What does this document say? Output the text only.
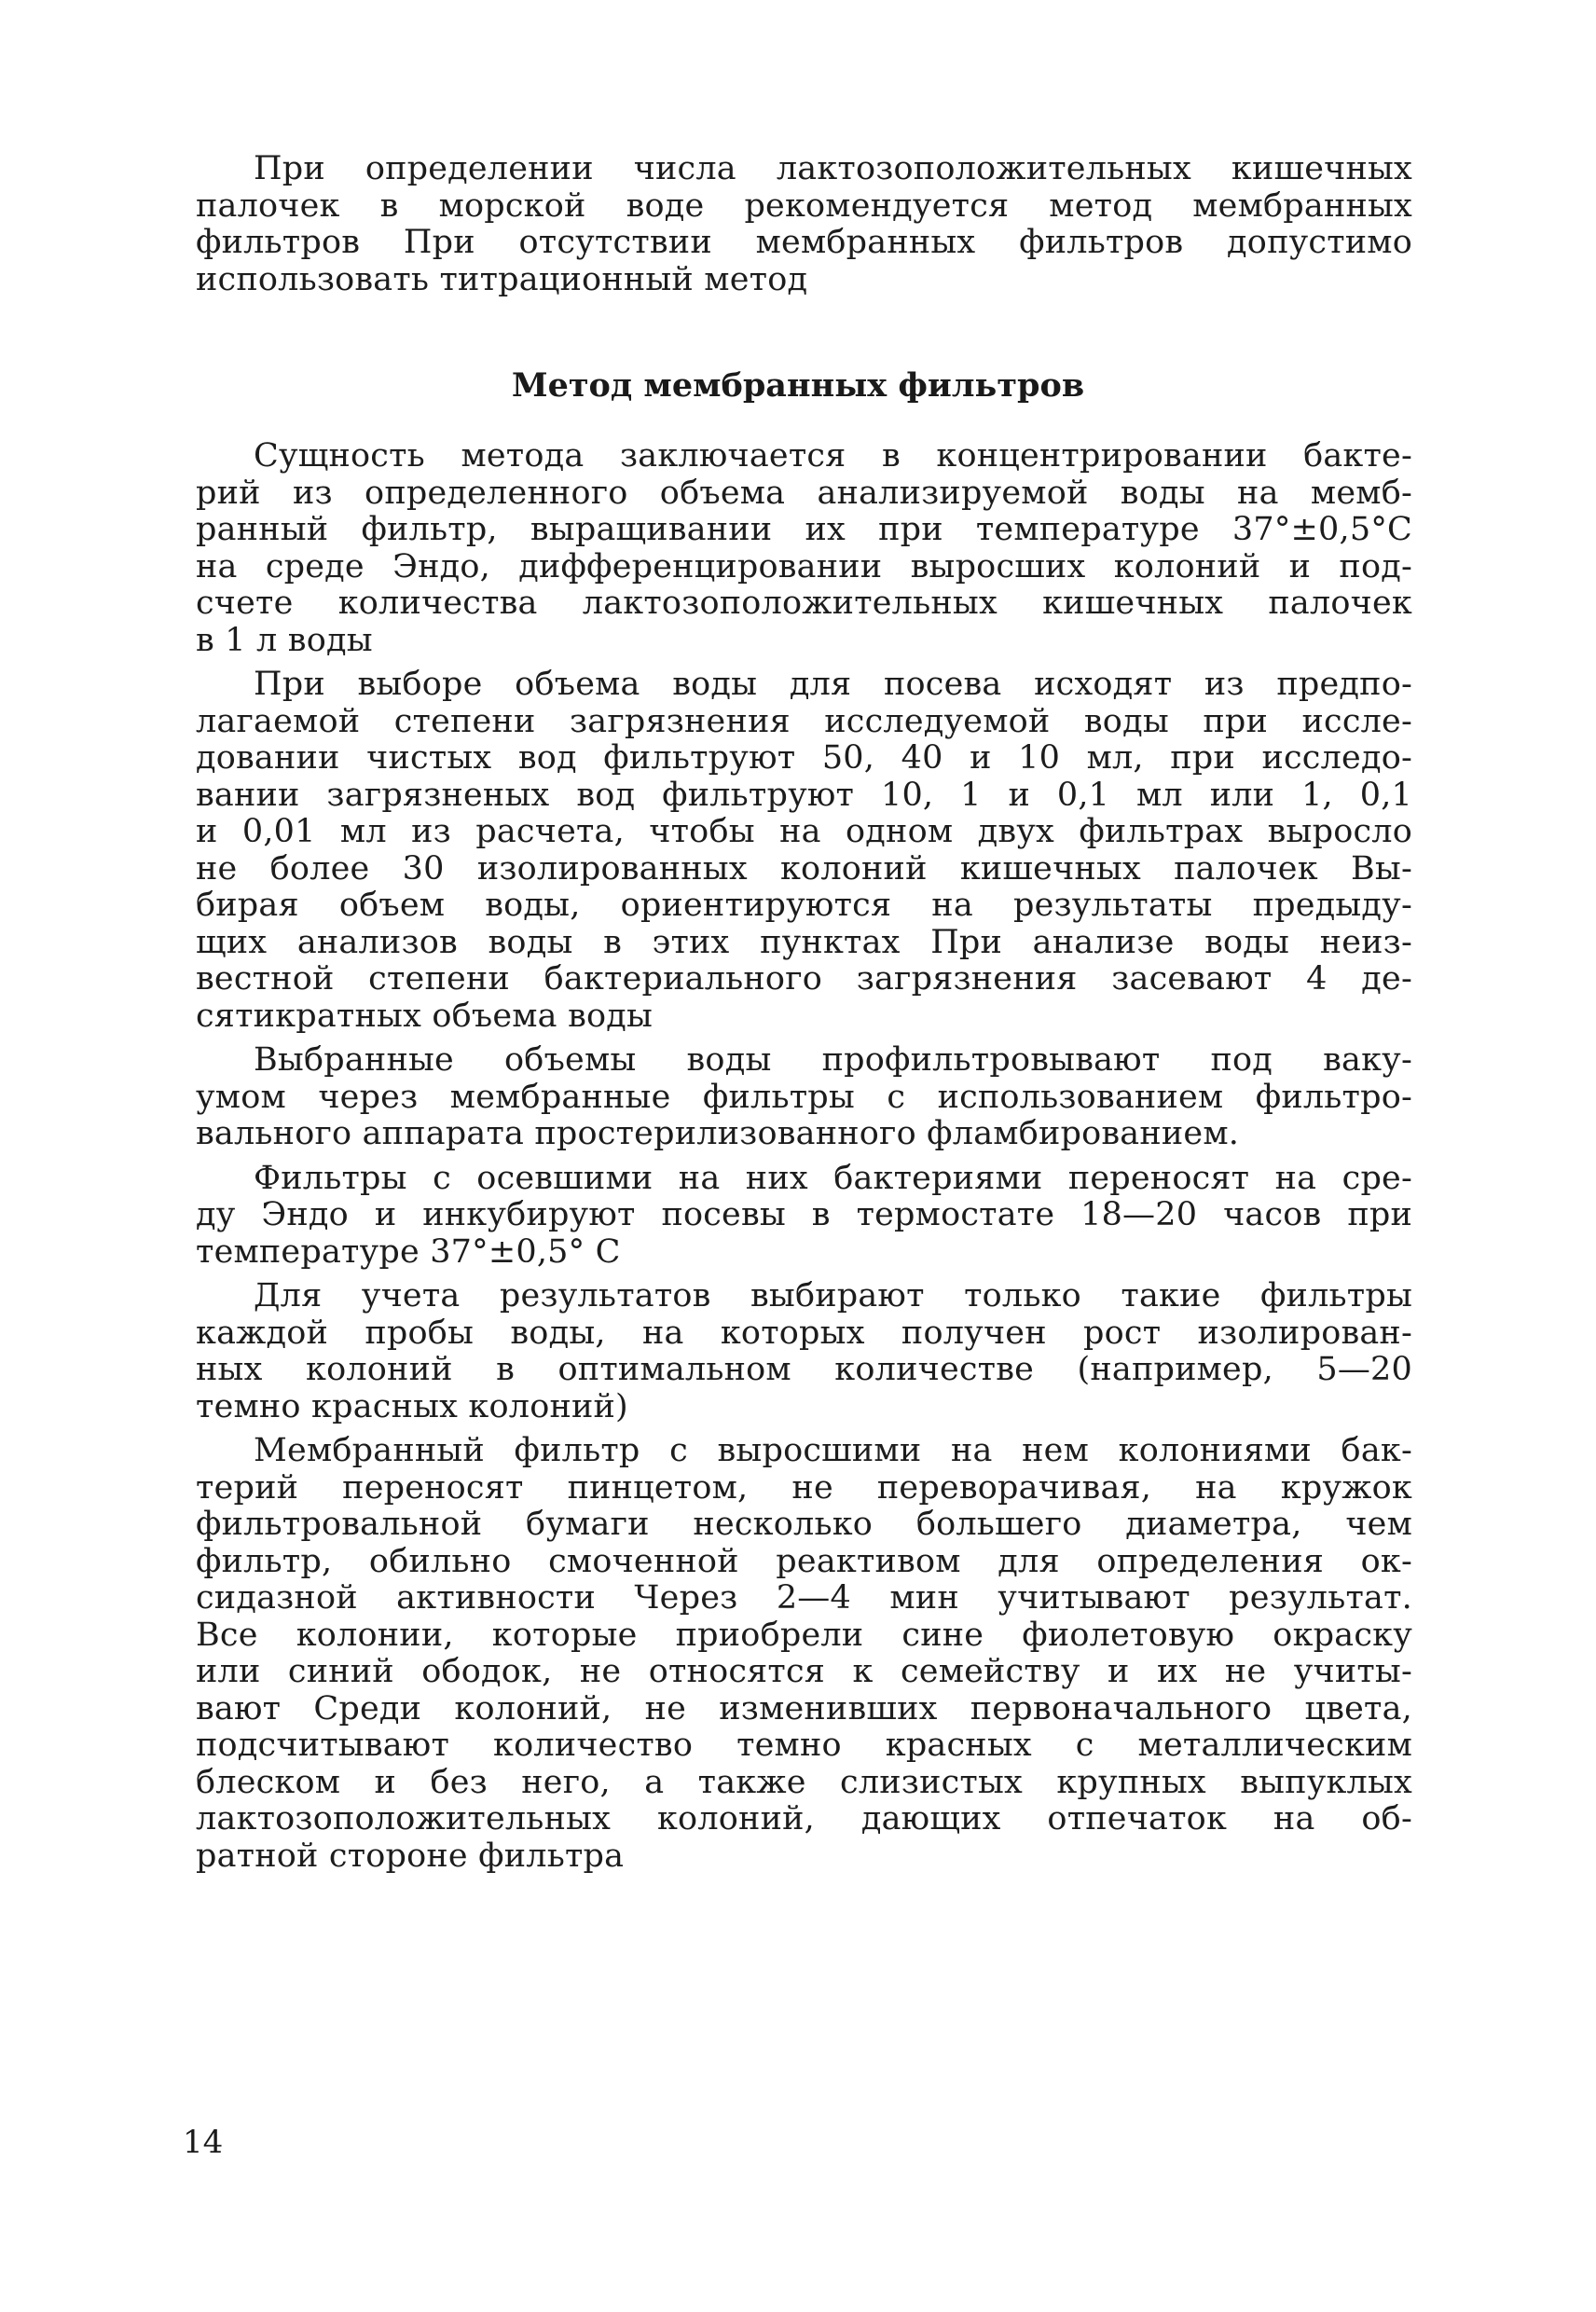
При определении числа лактозоположительных кишечных
палочек в морской воде рекомендуется метод мембранных
фильтров При отсутствии мембранных фильтров допустимо
использовать титрационный метод
Метод мембранных фильтров
Сущность метода заключается в концентрировании бакте-
рий из определенного объема анализируемой воды на мемб-
ранный фильтр, выращивании их при температуре 37°±0,5°С
на среде Эндо, дифференцировании выросших колоний и под-
счете количества лактозоположительных кишечных палочек
в 1 л воды
При выборе объема воды для посева исходят из предпо-
лагаемой степени загрязнения исследуемой воды при иссле-
довании чистых вод фильтруют 50, 40 и 10 мл, при исследо-
вании загрязненых вод фильтруют 10, 1 и 0,1 мл или 1, 0,1
и 0,01 мл из расчета, чтобы на одном двух фильтрах выросло
не более 30 изолированных колоний кишечных палочек Вы-
бирая объем воды, ориентируются на результаты предыду-
щих анализов воды в этих пунктах При анализе воды неиз-
вестной степени бактериального загрязнения засевают 4 де-
сятикратных объема воды
Выбранные объемы воды профильтровывают под ваку-
умом через мембранные фильтры с использованием фильтро-
вального аппарата простерилизованного фламбированием.
Фильтры с осевшими на них бактериями переносят на сре-
ду Эндо и инкубируют посевы в термостате 18—20 часов при
температуре 37°±0,5° С
Для учета результатов выбирают только такие фильтры
каждой пробы воды, на которых получен рост изолирован-
ных колоний в оптимальном количестве (например, 5—20
темно красных колоний)
Мембранный фильтр с выросшими на нем колониями бак-
терий переносят пинцетом, не переворачивая, на кружок
фильтровальной бумаги несколько большего диаметра, чем
фильтр, обильно смоченной реактивом для определения ок-
сидазной активности Через 2—4 мин учитывают результат.
Все колонии, которые приобрели сине фиолетовую окраску
или синий ободок, не относятся к семейству и их не учиты-
вают Среди колоний, не изменивших первоначального цвета,
подсчитывают количество темно красных с металлическим
блеском и без него, а также слизистых крупных выпуклых
лактозоположительных колоний, дающих отпечаток на об-
ратной стороне фильтра
14
